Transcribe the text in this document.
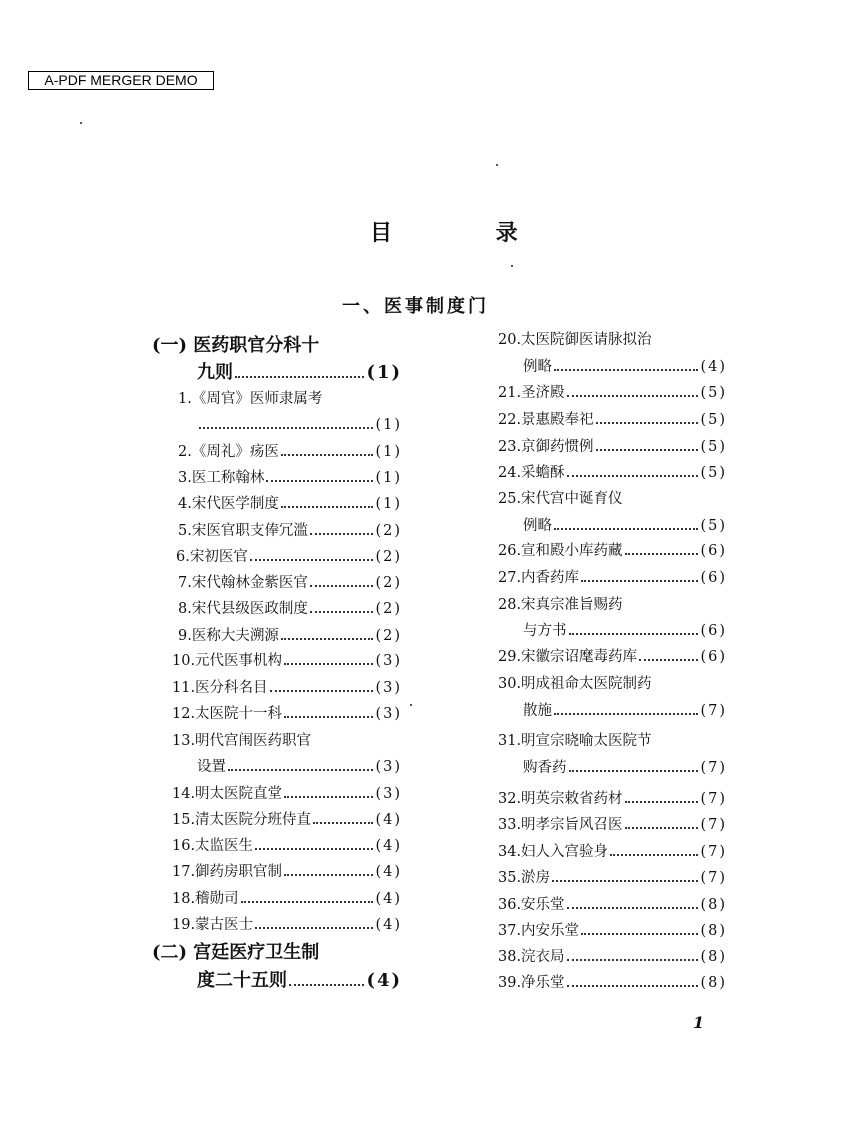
A-PDF MERGER DEMO
目 录
一、医事制度门
(一) 医药职官分科十
九则	(1)
1.《周官》医师隶属考
(1)
2.《周礼》疡医	(1)
3.医工称翰林	(1)
4.宋代医学制度	(1)
5.宋医官职支俸冗滥	(2)
6.宋初医官	(2)
7.宋代翰林金紫医官	(2)
8.宋代县级医政制度	(2)
9.医称大夫溯源	(2)
10.元代医事机构	(3)
11.医分科名目	(3)
12.太医院十一科	(3)
13.明代宫闱医药职官
设置	(3)
14.明太医院直堂	(3)
15.清太医院分班侍直	(4)
16.太监医生	(4)
17.御药房职官制	(4)
18.稽勋司	(4)
19.蒙古医士	(4)
(二) 宫廷医疗卫生制
度二十五则	(4)
20.太医院御医请脉拟治
例略	(4)
21.圣济殿	(5)
22.景惠殿奉祀	(5)
23.京御药惯例	(5)
24.采蟾酥	(5)
25.宋代宫中诞育仪
例略	(5)
26.宣和殿小库药藏	(6)
27.内香药库	(6)
28.宋真宗准旨赐药
与方书	(6)
29.宋徽宗诏麾毒药库	(6)
30.明成祖命太医院制药
散施	(7)
31.明宣宗晓喻太医院节
购香药	(7)
32.明英宗敕省药材	(7)
33.明孝宗旨风召医	(7)
34.妇人入宫验身	(7)
35.淤房	(7)
36.安乐堂	(8)
37.内安乐堂	(8)
38.浣衣局	(8)
39.净乐堂	(8)
1
